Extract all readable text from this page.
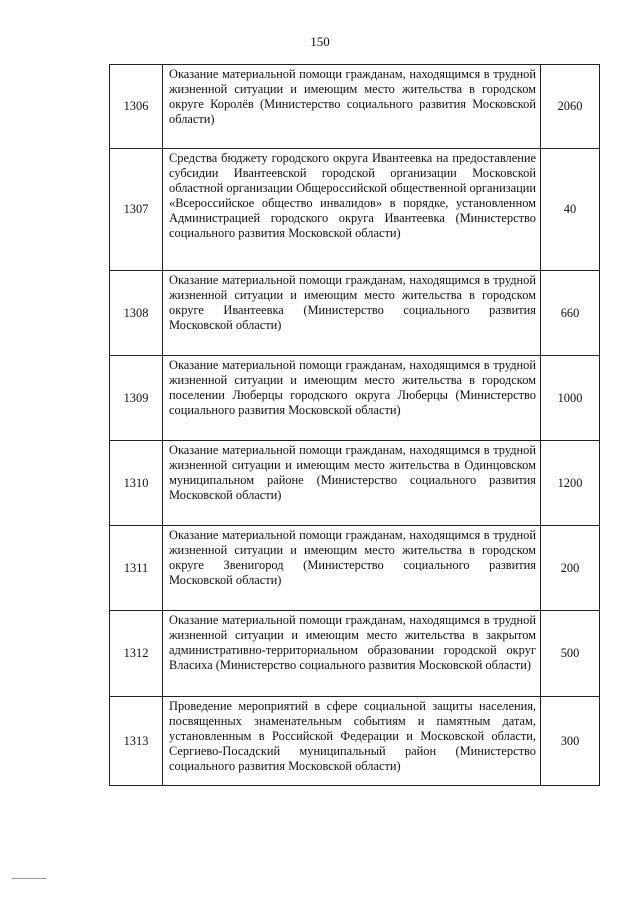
150
1306	Оказание материальной помощи гражданам, находящимся в трудной жизненной ситуации и имеющим место жительства в городском округе Королёв (Министерство социального развития Московской области)	2060
1307	Средства бюджету городского округа Ивантеевка на предоставление субсидии Ивантеевской городской организации Московской областной организации Общероссийской общественной организации «Всероссийское общество инвалидов» в порядке, установленном Администрацией городского округа Ивантеевка (Министерство социального развития Московской области)	40
1308	Оказание материальной помощи гражданам, находящимся в трудной жизненной ситуации и имеющим место жительства в городском округе Ивантеевка (Министерство социального развития Московской области)	660
1309	Оказание материальной помощи гражданам, находящимся в трудной жизненной ситуации и имеющим место жительства в городском поселении Люберцы городского округа Люберцы (Министерство социального развития Московской области)	1000
1310	Оказание материальной помощи гражданам, находящимся в трудной жизненной ситуации и имеющим место жительства в Одинцовском муниципальном районе (Министерство социального развития Московской области)	1200
1311	Оказание материальной помощи гражданам, находящимся в трудной жизненной ситуации и имеющим место жительства в городском округе Звенигород (Министерство социального развития Московской области)	200
1312	Оказание материальной помощи гражданам, находящимся в трудной жизненной ситуации и имеющим место жительства в закрытом административно-территориальном образовании городской округ Власиха (Министерство социального развития Московской области)	500
1313	Проведение мероприятий в сфере социальной защиты населения, посвященных знаменательным событиям и памятным датам, установленным в Российской Федерации и Московской области, Сергиево-Посадский муниципальный район (Министерство социального развития Московской области)	300
